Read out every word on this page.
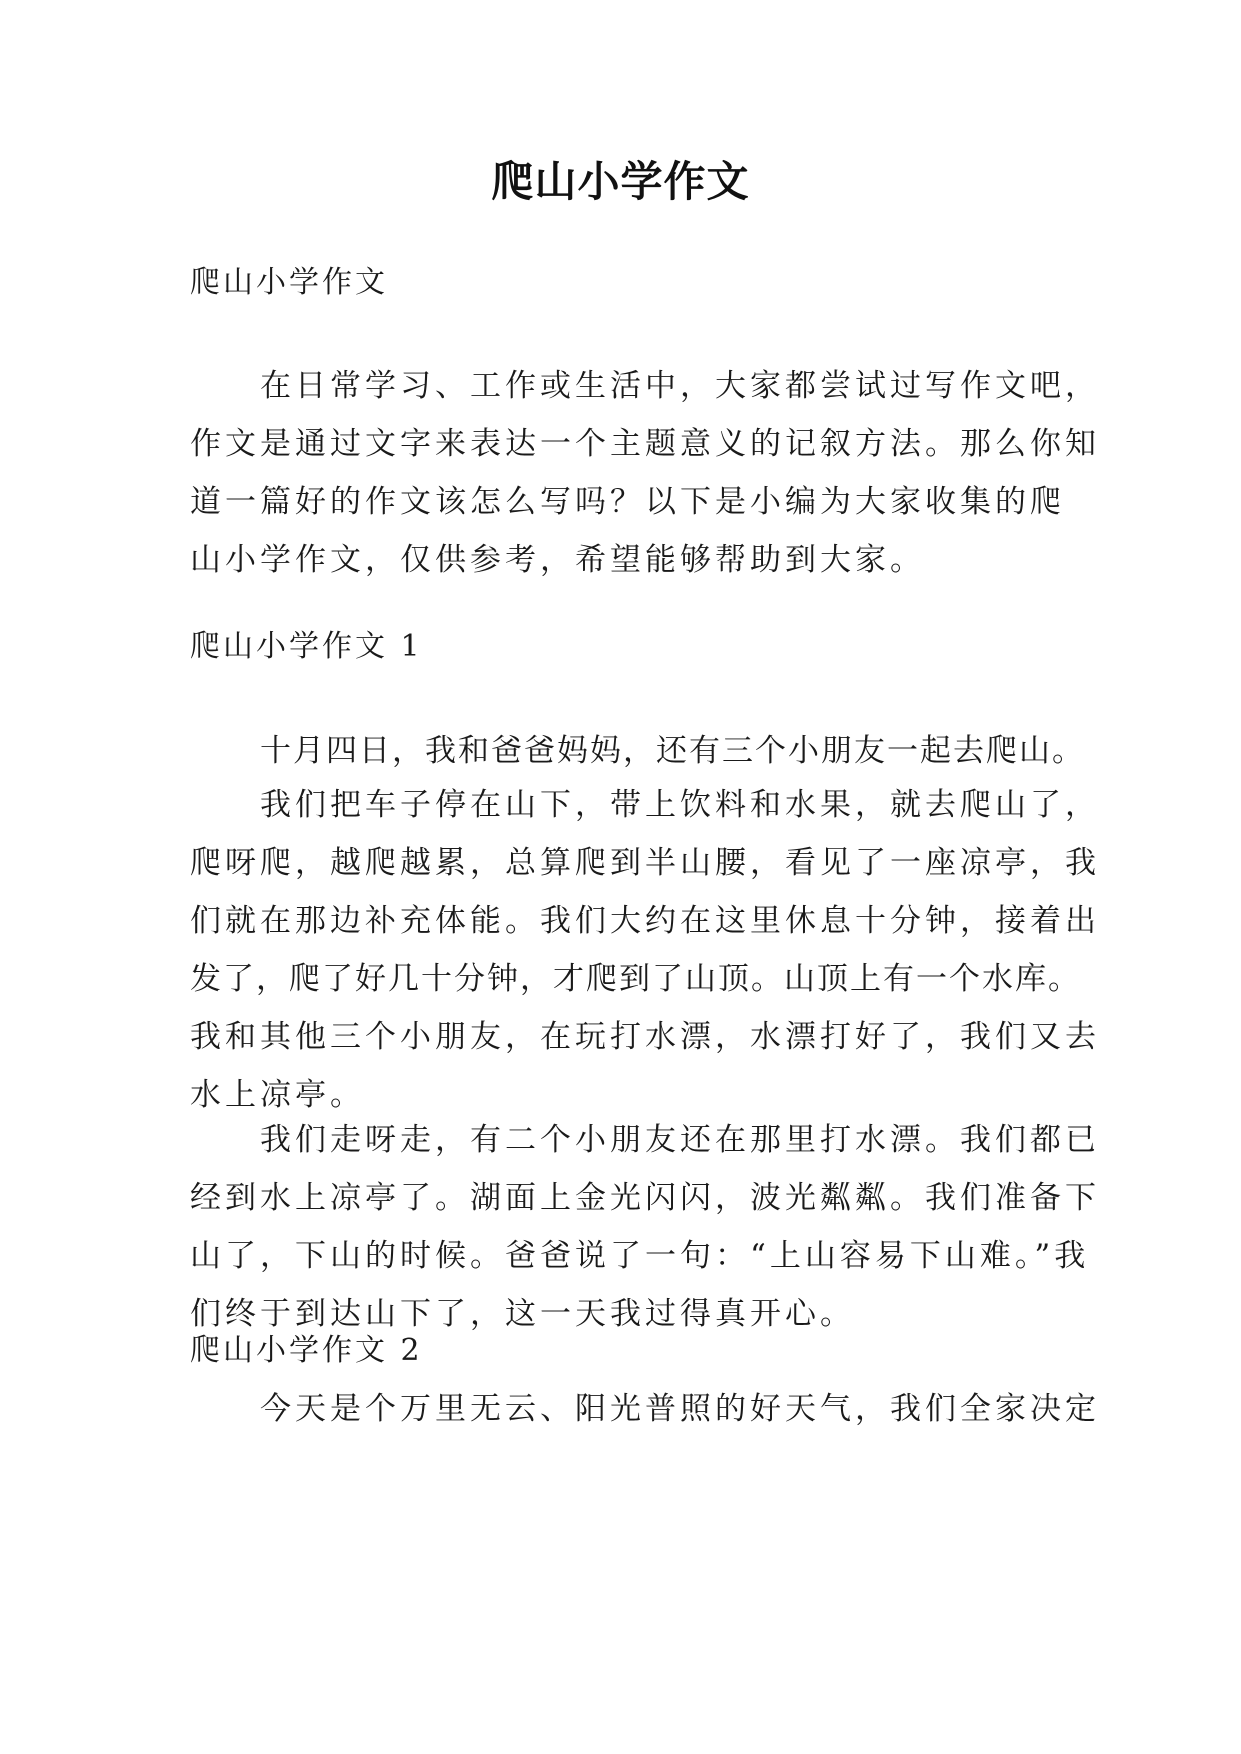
爬山小学作文

爬山小学作文

在日常学习、工作或生活中，大家都尝试过写作文吧，
作文是通过文字来表达一个主题意义的记叙方法。那么你知
道一篇好的作文该怎么写吗？以下是小编为大家收集的爬
山小学作文，仅供参考，希望能够帮助到大家。

爬山小学作文 1

十月四日，我和爸爸妈妈，还有三个小朋友一起去爬山。
我们把车子停在山下，带上饮料和水果，就去爬山了，
爬呀爬，越爬越累，总算爬到半山腰，看见了一座凉亭，我
们就在那边补充体能。我们大约在这里休息十分钟，接着出
发了，爬了好几十分钟，才爬到了山顶。山顶上有一个水库。
我和其他三个小朋友，在玩打水漂，水漂打好了，我们又去
水上凉亭。
我们走呀走，有二个小朋友还在那里打水漂。我们都已
经到水上凉亭了。湖面上金光闪闪，波光粼粼。我们准备下
山了，下山的时候。爸爸说了一句：“上山容易下山难。”我
们终于到达山下了，这一天我过得真开心。

爬山小学作文 2

今天是个万里无云、阳光普照的好天气，我们全家决定
